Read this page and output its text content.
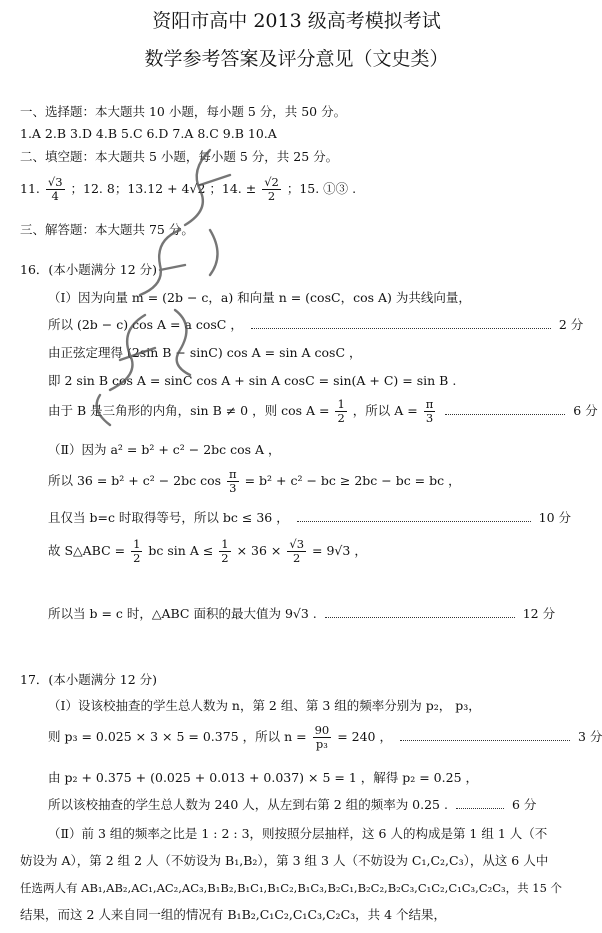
资阳市高中 2013 级高考模拟考试
数学参考答案及评分意见（文史类）
一、选择题：本大题共 10 小题，每小题 5 分，共 50 分。
1.A 2.B 3.D 4.B 5.C 6.D 7.A 8.C 9.B 10.A
二、填空题：本大题共 5 小题，每小题 5 分，共 25 分。
11. $\frac{√3}{4}$ ；12. 8；13.12 + 4√2 ；14. ± $\frac{√2}{2}$ ；15. ①③ .
三、解答题：本大题共 75 分。
16．(本小题满分 12 分)
（Ⅰ）因为向量 m = (2b − c，a) 和向量 n = (cosC，cos A) 为共线向量，
所以 (2b − c) cos A = a cosC ，	2 分
由正弦定理得 (2sin B − sinC) cos A = sin A cosC ，
即 2 sin B cos A = sinC cos A + sin A cosC = sin(A + C) = sin B .
由于 B 是三角形的内角，sin B ≠ 0 ，则 $\cos A = \frac{1}{2}$ ，所以 $A = \frac{\pi}{3}$	6 分
（Ⅱ）因为 a² = b² + c² − 2bc cos A ，
所以 36 = b² + c² − 2bc $\cos \frac{\pi}{3} = b^2 + c^2$ − bc ≥ 2bc − bc = bc ，
且仅当 b=c 时取得等号，所以 bc ≤ 36 ，	10 分
故 S△ABC = $\frac{1}{2}$ bc $\sin A \le \frac{1}{2} \times 36 \times \frac{√3}{2} = 9√3$ ，
所以当 b = c 时，△ABC 面积的最大值为 9√3 .	12 分
17．(本小题满分 12 分)
（Ⅰ）设该校抽查的学生总人数为 n，第 2 组、第 3 组的频率分别为 p₂， p₃，
则 p₃ = 0.025 × 3 × 5 = 0.375 ，所以 $n = \frac{90}{\text{p₃}} = 240$ ，	3 分
由 p₂ + 0.375 + (0.025 + 0.013 + 0.037) × 5 = 1 ，解得 p₂ = 0.25 ，
所以该校抽查的学生总人数为 240 人，从左到右第 2 组的频率为 0.25 .	6 分
（Ⅱ）前 3 组的频率之比是 1 : 2 : 3，则按照分层抽样，这 6 人的构成是第 1 组 1 人（不
妨设为 A），第 2 组 2 人（不妨设为 B₁,B₂），第 3 组 3 人（不妨设为 C₁,C₂,C₃），从这 6 人中
任选两人有 AB₁,AB₂,AC₁,AC₂,AC₃,B₁B₂,B₁C₁,B₁C₂,B₁C₃,B₂C₁,B₂C₂,B₂C₃,C₁C₂,C₁C₃,C₂C₃，共 15 个
结果，而这 2 人来自同一组的情况有 B₁B₂,C₁C₂,C₁C₃,C₂C₃，共 4 个结果，
